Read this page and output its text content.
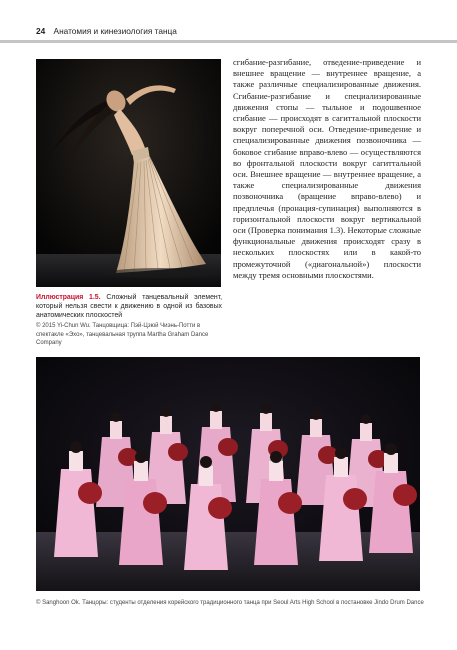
24 Анатомия и кинезиология танца
Иллюстрация 1.5. Сложный танцевальный элемент, который нельзя свести к движению в одной из базовых анатомических плоскостей
© 2015 Yi-Chun Wu. Танцовщица: Пэй-Цзюй Чиэнь-Потти в спектакле «Эхо», танцевальная труппа Martha Graham Dance Company
сгибание-разгибание, отведение-приведение и внешнее вращение — внутреннее вращение, а также различные специализированные движения. Сгибание-разгибание и специализированные движения стопы — тыльное и подошвенное сгибание — происходят в сагиттальной плоскости вокруг поперечной оси. Отведение-приведение и специализированные движения позвоночника — боковое сгибание вправо-влево — осуществляются во фронтальной плоскости вокруг сагиттальной оси. Внешнее вращение — внутреннее вращение, а также специализированные движения позвоночника (вращение вправо-влево) и предплечья (пронация-супинация) выполняются в горизонтальной плоскости вокруг вертикальной оси (Проверка понимания 1.3). Некоторые сложные функциональные движения происходят сразу в нескольких плоскостях или в какой-то промежуточной («диагональной») плоскости между тремя основными плоскостями.
© Sanghoon Ok. Танцоры: студенты отделения корейского традиционного танца при Seoul Arts High School в постановке Jindo Drum Dance
